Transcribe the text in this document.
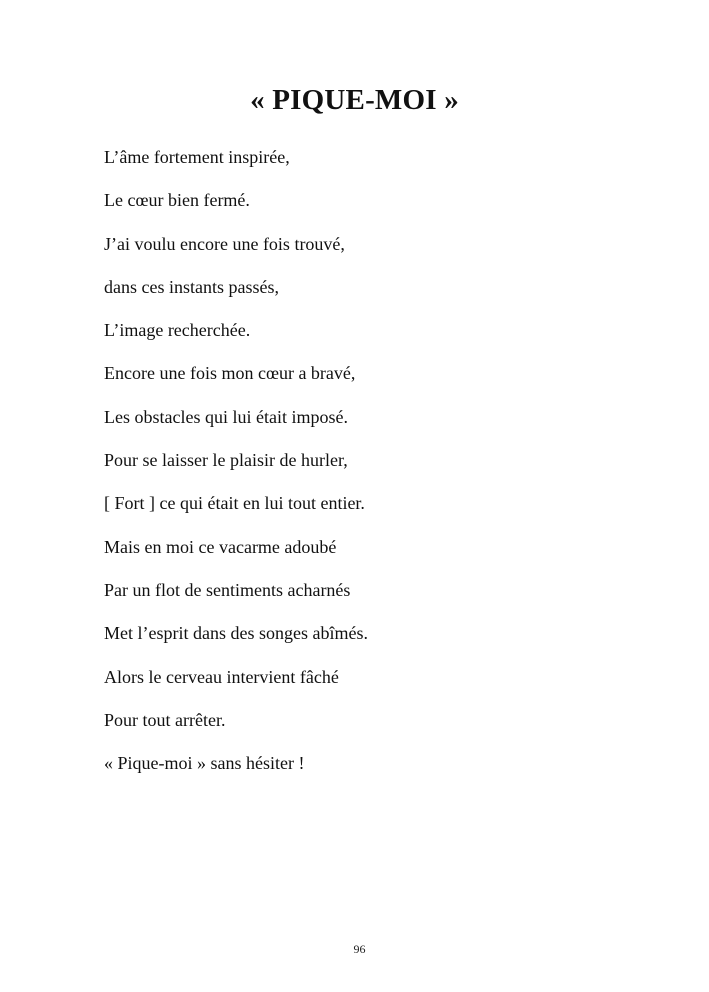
« PIQUE-MOI »
L’âme fortement inspirée,
Le cœur bien fermé.
J’ai voulu encore une fois trouvé,
dans ces instants passés,
L’image recherchée.
Encore une fois mon cœur a bravé,
Les obstacles qui lui était imposé.
Pour se laisser le plaisir de hurler,
[ Fort ] ce qui était en lui tout entier.
Mais en moi ce vacarme adoubé
Par un flot de sentiments acharnés
Met l’esprit dans des songes abîmés.
Alors le cerveau intervient fâché
Pour tout arrêter.
« Pique-moi » sans hésiter !
96
